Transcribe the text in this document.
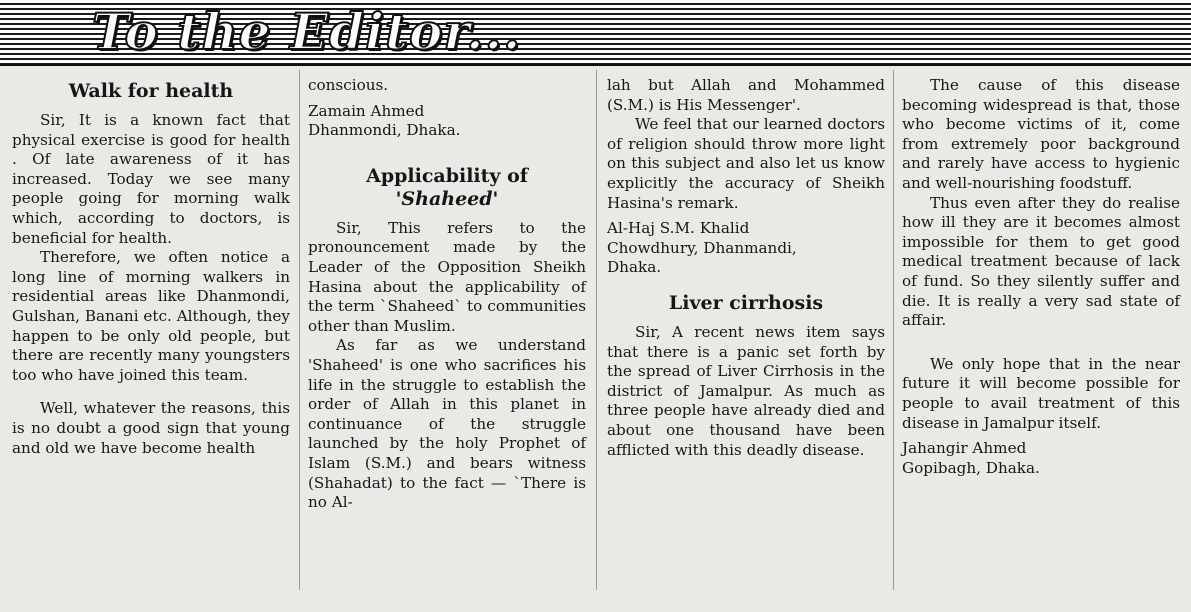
To the Editor...
Walk for health

Sir, It is a known fact that physical exercise is good for health . Of late awareness of it has increased. Today we see many people going for morning walk which, according to doctors, is beneficial for health.

Therefore, we often notice a long line of morning walkers in residential areas like Dhanmondi, Gulshan, Banani etc. Although, they happen to be only old people, but there are recently many youngsters too who have joined this team.

Well, whatever the reasons, this is no doubt a good sign that young and old we have become health

conscious.

Zamain Ahmed

Dhanmondi, Dhaka.

Applicability of
'Shaheed'

Sir, This refers to the pronouncement made by the Leader of the Opposition Sheikh Hasina about the applicability of the term `Shaheed` to communities other than Muslim.

As far as we understand 'Shaheed' is one who sacrifices his life in the struggle to establish the order of Allah in this planet in continuance of the struggle launched by the holy Prophet of Islam (S.M.) and bears witness (Shahadat) to the fact — `There is no Al-

lah but Allah and Mohammed (S.M.) is His Messenger'.

We feel that our learned doctors of religion should throw more light on this subject and also let us know explicitly the accuracy of Sheikh Hasina's remark.

Al-Haj S.M. Khalid

Chowdhury, Dhanmandi,

Dhaka.

Liver cirrhosis

Sir, A recent news item says that there is a panic set forth by the spread of Liver Cirrhosis in the district of Jamalpur. As much as three people have already died and about one thousand have been afflicted with this deadly disease.

The cause of this disease becoming widespread is that, those who become victims of it, come from extremely poor background and rarely have access to hygienic and well-nourishing foodstuff.

Thus even after they do realise how ill they are it becomes almost impossible for them to get good medical treatment because of lack of fund. So they silently suffer and die. It is really a very sad state of affair.

We only hope that in the near future it will become possible for people to avail treatment of this disease in Jamalpur itself.

Jahangir Ahmed

Gopibagh, Dhaka.
